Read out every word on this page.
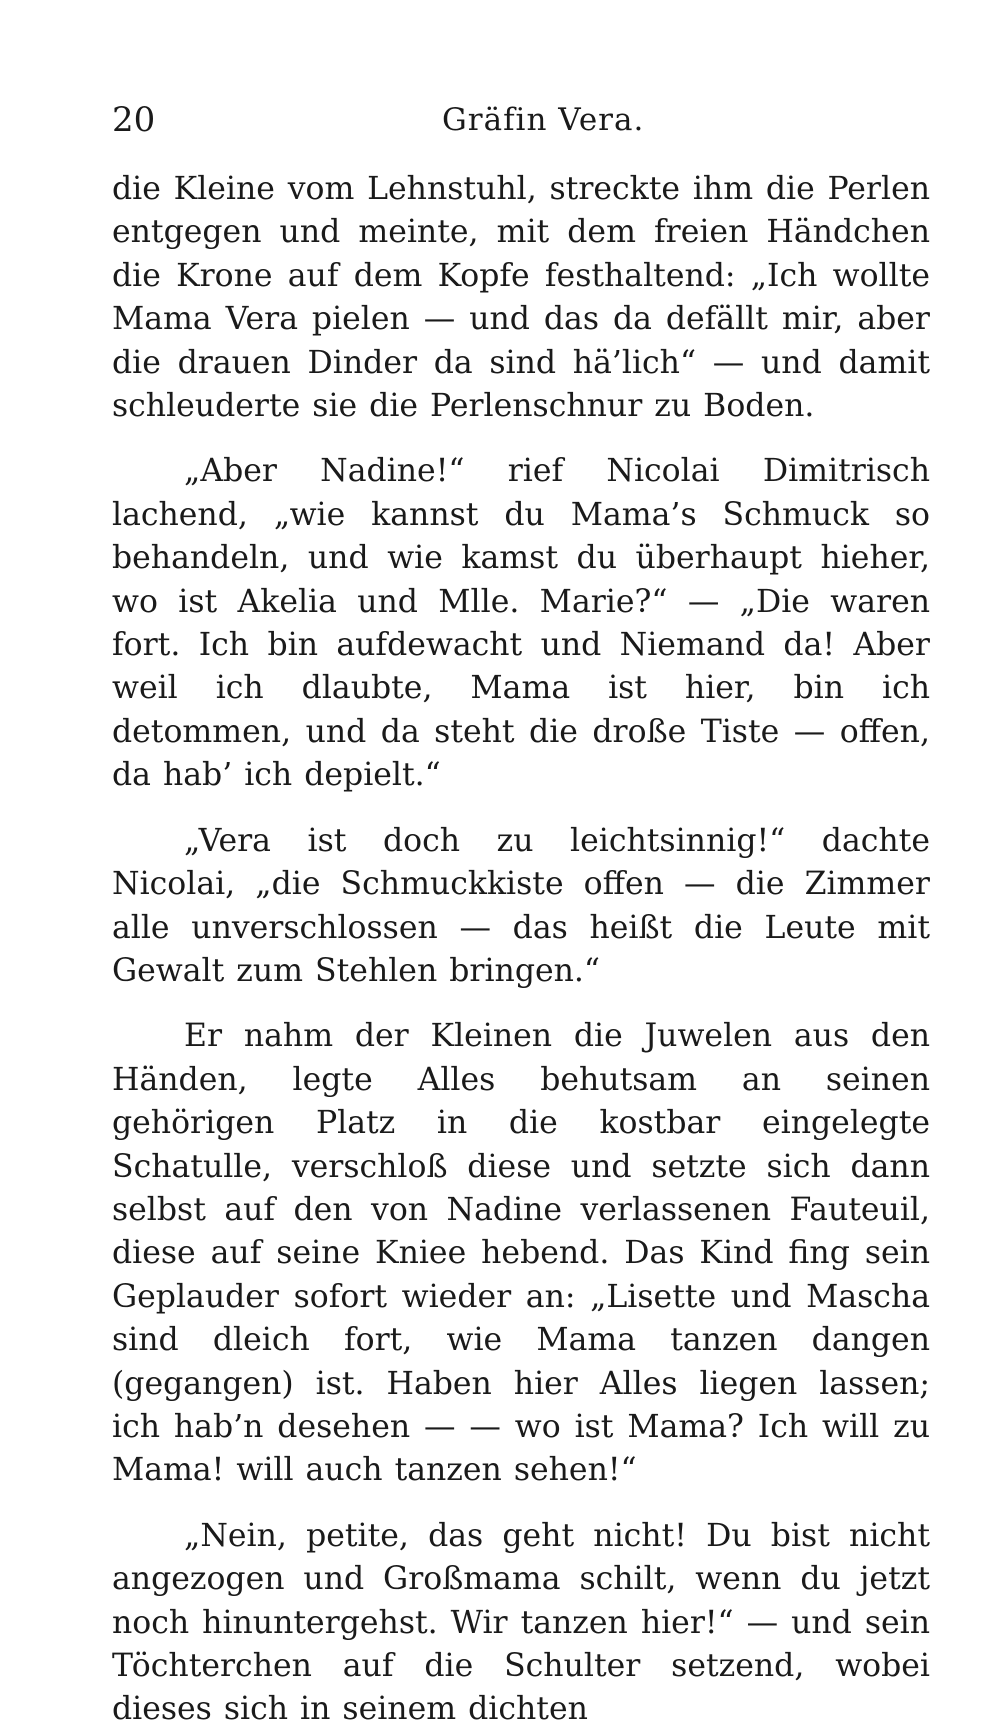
20	Gräfin Vera.

die Kleine vom Lehnstuhl, streckte ihm die Perlen entgegen und meinte, mit dem freien Händchen die Krone auf dem Kopfe festhaltend: „Ich wollte Mama Vera pielen — und das da defällt mir, aber die drauen Dinder da sind hä’lich“ — und damit schleuderte sie die Perlenschnur zu Boden.

„Aber Nadine!“ rief Nicolai Dimitrisch lachend, „wie kannst du Mama’s Schmuck so behandeln, und wie kamst du überhaupt hieher, wo ist Akelia und Mlle. Marie?“ — „Die waren fort. Ich bin aufdewacht und Niemand da! Aber weil ich dlaubte, Mama ist hier, bin ich detommen, und da steht die droße Tiste — offen, da hab’ ich depielt.“

„Vera ist doch zu leichtsinnig!“ dachte Nicolai, „die Schmuckkiste offen — die Zimmer alle unverschlossen — das heißt die Leute mit Gewalt zum Stehlen bringen.“

Er nahm der Kleinen die Juwelen aus den Händen, legte Alles behutsam an seinen gehörigen Platz in die kostbar eingelegte Schatulle, verschloß diese und setzte sich dann selbst auf den von Nadine verlassenen Fauteuil, diese auf seine Kniee hebend. Das Kind fing sein Geplauder sofort wieder an: „Lisette und Mascha sind dleich fort, wie Mama tanzen dangen (gegangen) ist. Haben hier Alles liegen lassen; ich hab’n desehen — — wo ist Mama? Ich will zu Mama! will auch tanzen sehen!“

„Nein, petite, das geht nicht! Du bist nicht angezogen und Großmama schilt, wenn du jetzt noch hinuntergehst. Wir tanzen hier!“ — und sein Töchterchen auf die Schulter setzend, wobei dieses sich in seinem dichten
